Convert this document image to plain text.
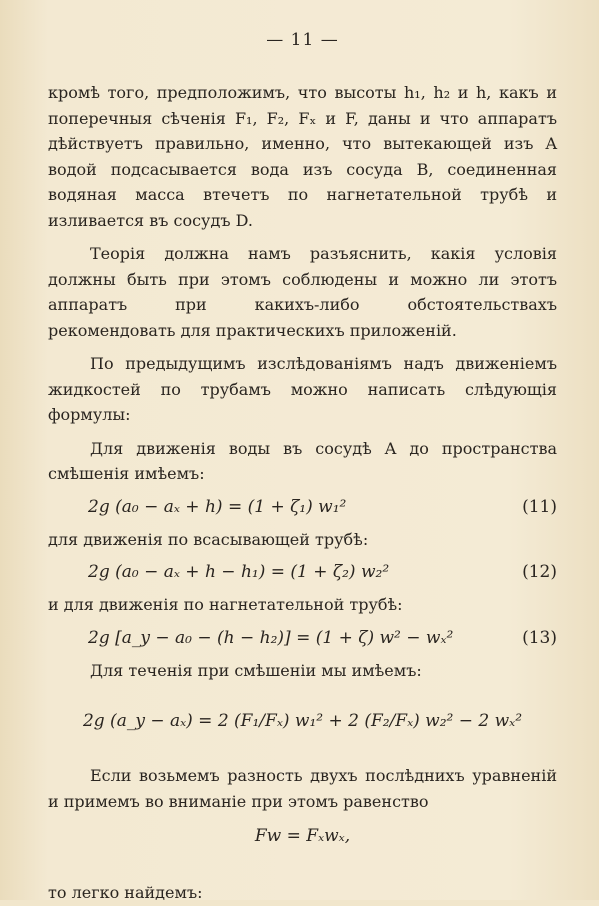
— 11 —

кромѣ того, предположимъ, что высоты h₁, h₂ и h, какъ и поперечныя сѣченія F₁, F₂, Fₓ и F, даны и что аппаратъ дѣйствуетъ правильно, именно, что вытекающей изъ A водой подсасывается вода изъ сосуда B, соединенная водяная масса втечетъ по нагнетательной трубѣ и изливается въ сосудъ D.

Теорія должна намъ разъяснить, какія условія должны быть при этомъ соблюдены и можно ли этотъ аппаратъ при какихъ-либо обстоятельствахъ рекомендовать для практическихъ приложеній.

По предыдущимъ изслѣдованіямъ надъ движеніемъ жидкостей по трубамъ можно написать слѣдующія формулы:

Для движенія воды въ сосудѣ A до пространства смѣшенія имѣемъ:

2g (a₀ − aₓ + h) = (1 + ζ₁) w₁²	(11)

для движенія по всасывающей трубѣ:

2g (a₀ − aₓ + h − h₁) = (1 + ζ₂) w₂²	(12)

и для движенія по нагнетательной трубѣ:

2g [a_y − a₀ − (h − h₂)] = (1 + ζ) w² − wₓ²	(13)

Для теченія при смѣшеніи мы имѣемъ:

2g (a_y − aₓ) = 2 (F₁/Fₓ) w₁² + 2 (F₂/Fₓ) w₂² − 2 wₓ²

Если возьмемъ разность двухъ послѣднихъ уравненій и примемъ во вниманіе при этомъ равенство

Fw = Fₓwₓ,

то легко найдемъ:
